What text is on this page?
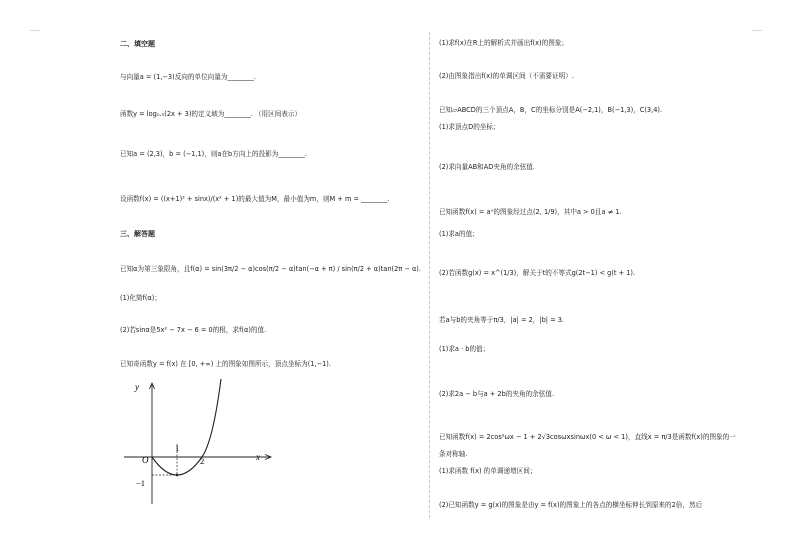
二、填空题
与向量a = (1,−3)反向的单位向量为________.
函数y = log₀.₅(2x + 3)的定义域为________. （用区间表示）
已知a = (2,3)，b = (−1,1)，则a在b方向上的投影为________.
设函数f(x) = ((x+1)² + sinx)/(x² + 1)的最大值为M，最小值为m，则M + m = ________.
三、解答题
已知α为第三象限角，且f(α) = sin(3π/2 − α)cos(π/2 − α)tan(−α + π) / sin(π/2 + α)tan(2π − α).
(1)化简f(α)；
(2)若sinα是5x² − 7x − 6 = 0的根，求f(α)的值.
已知奇函数y = f(x) 在 [0, +∞) 上的图象如图所示，顶点坐标为(1,−1).
y
x
O
1
2
−1
(1)求f(x)在R上的解析式并画出f(x)的图象；
(2)由图象指出f(x)的单调区间（不需要证明）.
已知▱ABCD的三个顶点A，B，C的坐标分别是A(−2,1)，B(−1,3)，C(3,4).
(1)求顶点D的坐标；
(2)求向量AB和AD夹角的余弦值.
已知函数f(x) = aˣ的图象经过点(2, 1/9)，其中a > 0且a ≠ 1.
(1)求a的值；
(2)若函数g(x) = x^(1/3)，解关于t的不等式g(2t−1) < g(t + 1).
若a与b的夹角等于π/3，|a| = 2，|b| = 3.
(1)求a · b的值；
(2)求2a − b与a + 2b的夹角的余弦值.
已知函数f(x) = 2cos²ωx − 1 + 2√3cosωxsinωx(0 < ω < 1)，直线x = π/3是函数f(x)的图象的一
条对称轴.
(1)求函数 f(x) 的单调递增区间；
(2)已知函数y = g(x)的图象是由y = f(x)的图象上的各点的横坐标伸长到原来的2倍，然后
